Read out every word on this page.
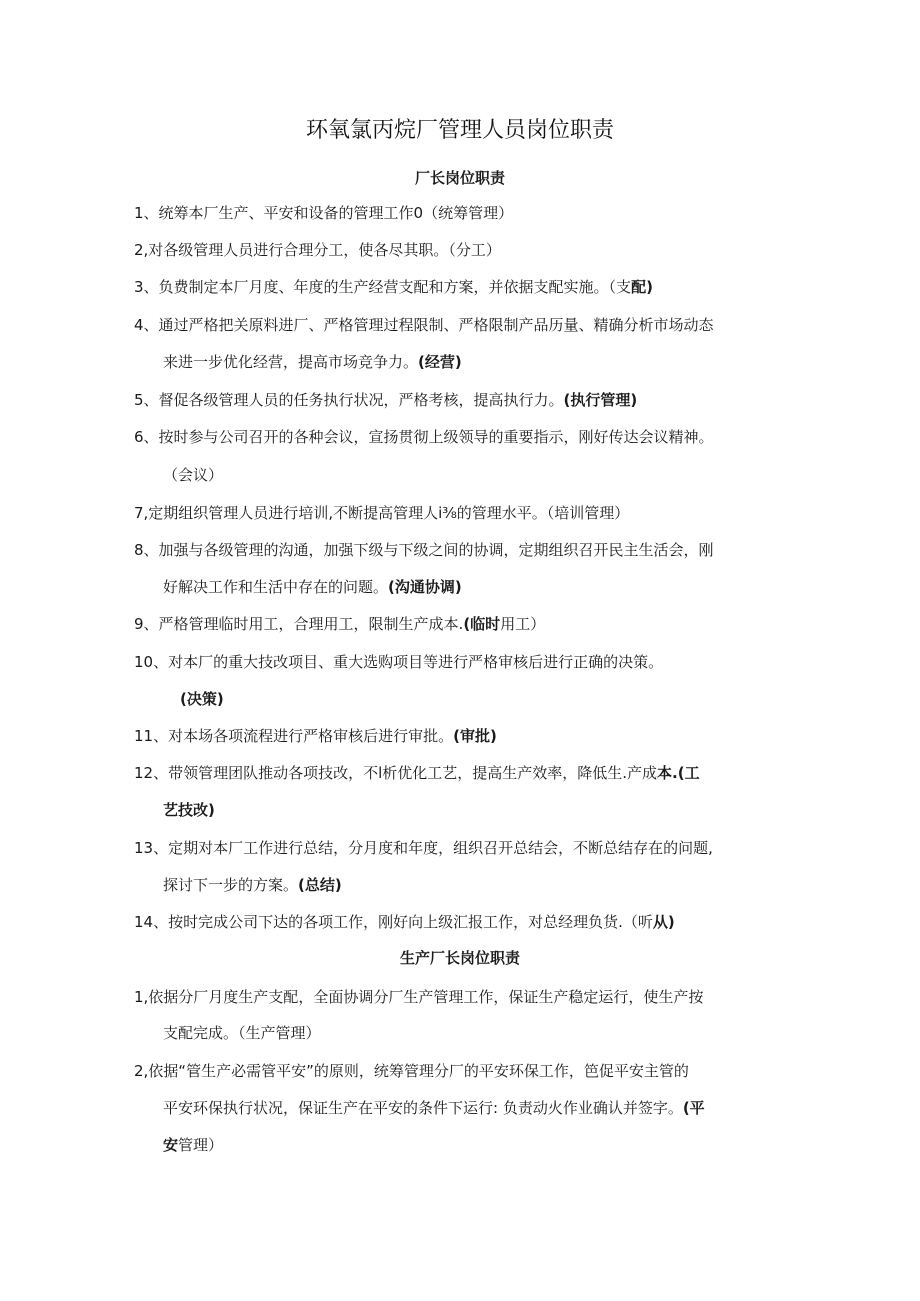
环氧氯丙烷厂管理人员岗位职责
厂长岗位职责
1、统筹本厂生产、平安和设备的管理工作0（统筹管理）
2,对各级管理人员进行合理分工，使各尽其职。（分工）
3、负费制定本厂月度、年度的生产经营支配和方案，并依据支配实施。（支配)
4、通过严格把关原料进厂、严格管理过程限制、严格限制产品历量、精确分析市场动态
来进一步优化经营，提高市场竞争力。(经营)
5、督促各级管理人员的任务执行状况，严格考核，提高执行力。(执行管理)
6、按时参与公司召开的各种会议，宣扬贯彻上级领导的重要指示，刚好传达会议精神。
（会议）
7,定期组织管理人员进行培训,不断提高管理人i⅜的管理水平。（培训管理）
8、加强与各级管理的沟通，加强下级与下级之间的协调，定期组织召开民主生活会，刚
好解决工作和生活中存在的问题。(沟通协调)
9、严格管理临时用工，合理用工，限制生产成本.(临时用工）
10、对本厂的重大技改项目、重大选购项目等进行严格审核后进行正确的决策。
(决策)
11、对本场各项流程进行严格审核后进行审批。(审批)
12、带领管理团队推动各项技改，不l析优化工艺，提高生产效率，降低生.产成本.(工
艺技改)
13、定期对本厂工作进行总结，分月度和年度，组织召开总结会，不断总结存在的问题,
探讨下一步的方案。(总结)
14、按时完成公司下达的各项工作，刚好向上级汇报工作，对总经理负货.（听从)
生产厂长岗位职责
1,依据分厂月度生产支配，全面协调分厂生产管理工作，保证生产稳定运行，使生产按
支配完成。（生产管理）
2,依据“管生产必需管平安”的原则，统筹管理分厂的平安环保工作，笆促平安主管的
平安环保执行状况，保证生产在平安的条件下运行: 负责动火作业确认并签字。(平
安管理）
